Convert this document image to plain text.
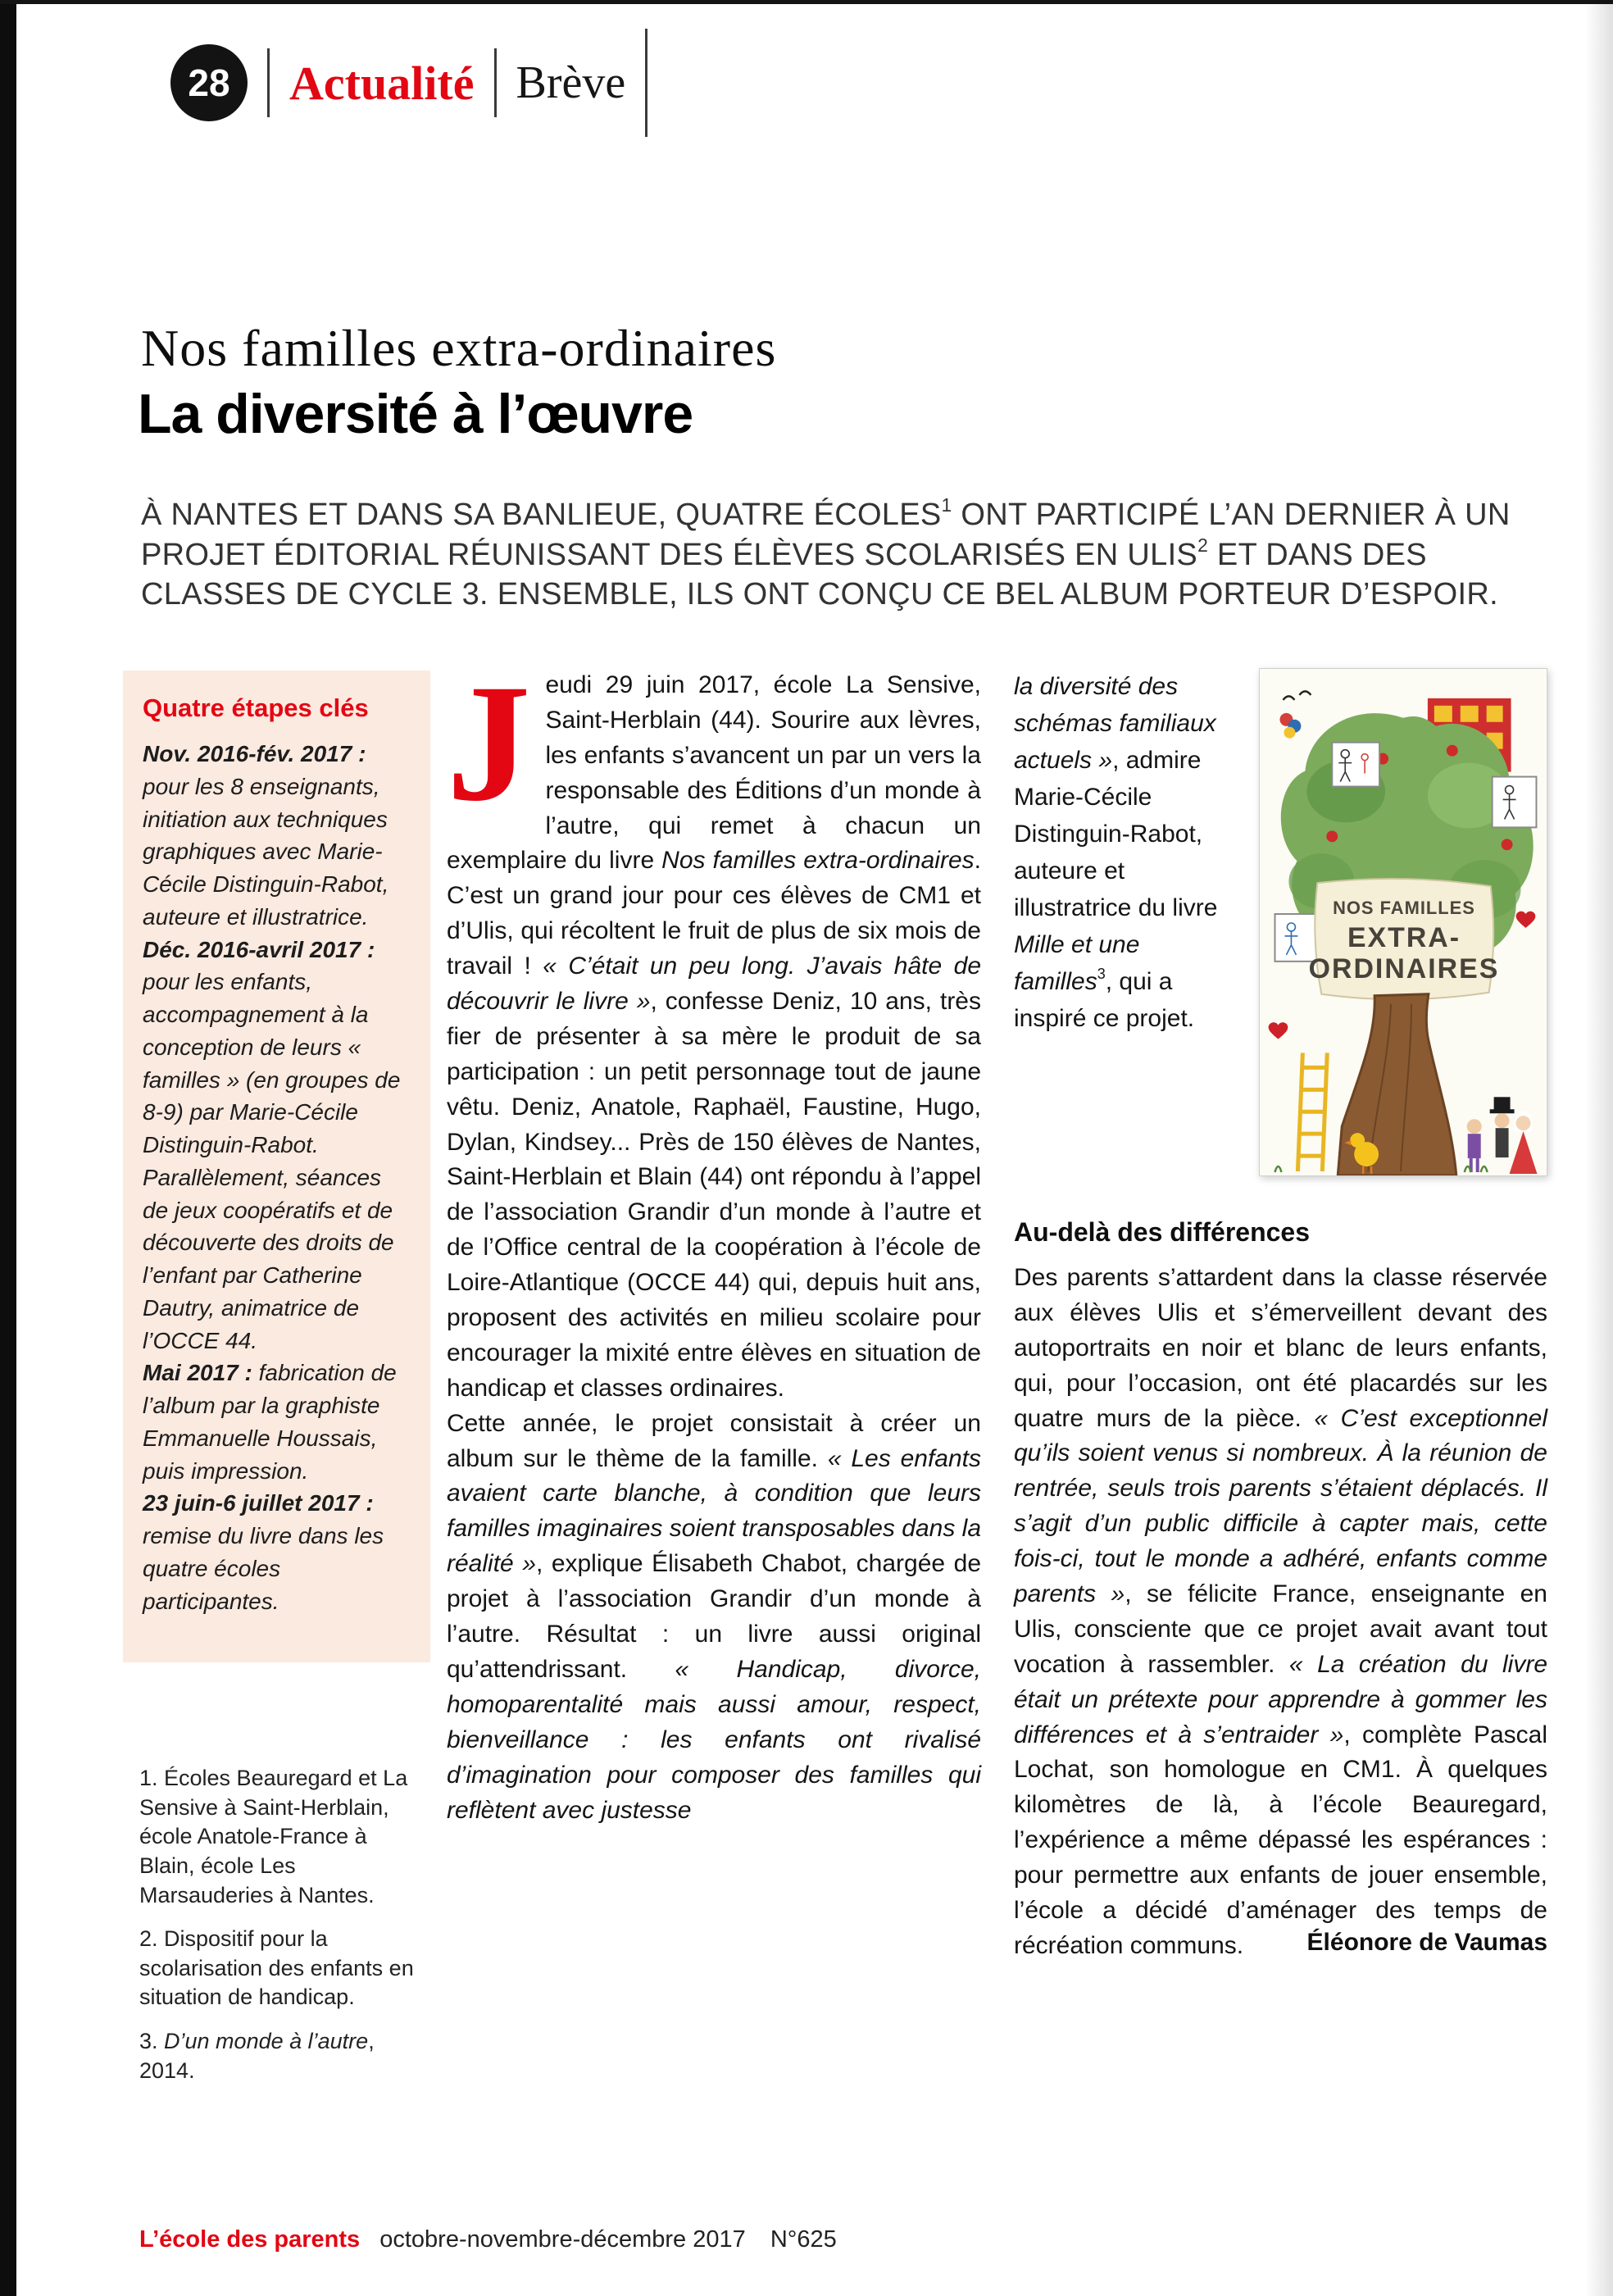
28 Actualité Brève
Nos familles extra-ordinaires
La diversité à l’œuvre

À NANTES ET DANS SA BANLIEUE, QUATRE ÉCOLES$^1$ ONT PARTICIPÉ L’AN DERNIER À UN PROJET ÉDITORIAL RÉUNISSANT DES ÉLÈVES SCOLARISÉS EN ULIS$^2$ ET DANS DES CLASSES DE CYCLE 3. ENSEMBLE, ILS ONT CONÇU CE BEL ALBUM PORTEUR D’ESPOIR.

Quatre étapes clés

Nov. 2016-fév. 2017 : pour les 8 enseignants, initiation aux techniques graphiques avec Marie-Cécile Distinguin-Rabot, auteure et illustratrice.

Déc. 2016-avril 2017 : pour les enfants, accompagnement à la conception de leurs « familles » (en groupes de 8-9) par Marie-Cécile Distinguin-Rabot. Parallèlement, séances de jeux coopératifs et de découverte des droits de l’enfant par Catherine Dautry, animatrice de l’OCCE 44.

Mai 2017 : fabrication de l’album par la graphiste Emmanuelle Houssais, puis impression.

23 juin-6 juillet 2017 : remise du livre dans les quatre écoles participantes.

1. Écoles Beauregard et La Sensive à Saint-Herblain, école Anatole-France à Blain, école Les Marsauderies à Nantes.

2. Dispositif pour la scolarisation des enfants en situation de handicap.

3. D’un monde à l’autre, 2014.

Jeudi 29 juin 2017, école La Sensive, Saint-Herblain (44). Sourire aux lèvres, les enfants s’avancent un par un vers la responsable des Éditions d’un monde à l’autre, qui remet à chacun un exemplaire du livre Nos familles extra-ordinaires. C’est un grand jour pour ces élèves de CM1 et d’Ulis, qui récoltent le fruit de plus de six mois de travail ! « C’était un peu long. J’avais hâte de découvrir le livre », confesse Deniz, 10 ans, très fier de présenter à sa mère le produit de sa participation : un petit personnage tout de jaune vêtu. Deniz, Anatole, Raphaël, Faustine, Hugo, Dylan, Kindsey... Près de 150 élèves de Nantes, Saint-Herblain et Blain (44) ont répondu à l’appel de l’association Grandir d’un monde à l’autre et de l’Office central de la coopération à l’école de Loire-Atlantique (OCCE 44) qui, depuis huit ans, proposent des activités en milieu scolaire pour encourager la mixité entre élèves en situation de handicap et classes ordinaires.

Cette année, le projet consistait à créer un album sur le thème de la famille. « Les enfants avaient carte blanche, à condition que leurs familles imaginaires soient transposables dans la réalité », explique Élisabeth Chabot, chargée de projet à l’association Grandir d’un monde à l’autre. Résultat : un livre aussi original qu’attendrissant. « Handicap, divorce, homoparentalité mais aussi amour, respect, bienveillance : les enfants ont rivalisé d’imagination pour composer des familles qui reflètent avec justesse

la diversité des schémas familiaux actuels », admire Marie-Cécile Distinguin-Rabot, auteure et illustratrice du livre Mille et une familles$^3$, qui a inspiré ce projet.

NOS FAMILLES
EXTRA-
ORDINAIRES
Au-delà des différences

Des parents s’attardent dans la classe réservée aux élèves Ulis et s’émerveillent devant des autoportraits en noir et blanc de leurs enfants, qui, pour l’occasion, ont été placardés sur les quatre murs de la pièce. « C’est exceptionnel qu’ils soient venus si nombreux. À la réunion de rentrée, seuls trois parents s’étaient déplacés. Il s’agit d’un public difficile à capter mais, cette fois-ci, tout le monde a adhéré, enfants comme parents », se félicite France, enseignante en Ulis, consciente que ce projet avait avant tout vocation à rassembler. « La création du livre était un prétexte pour apprendre à gommer les différences et à s’entraider », complète Pascal Lochat, son homologue en CM1. À quelques kilomètres de là, à l’école Beauregard, l’expérience a même dépassé les espérances : pour permettre aux enfants de jouer ensemble, l’école a décidé d’aménager des temps de récréation communs.	Éléonore de Vaumas
L’école des parents octobre-novembre-décembre 2017 N°625
